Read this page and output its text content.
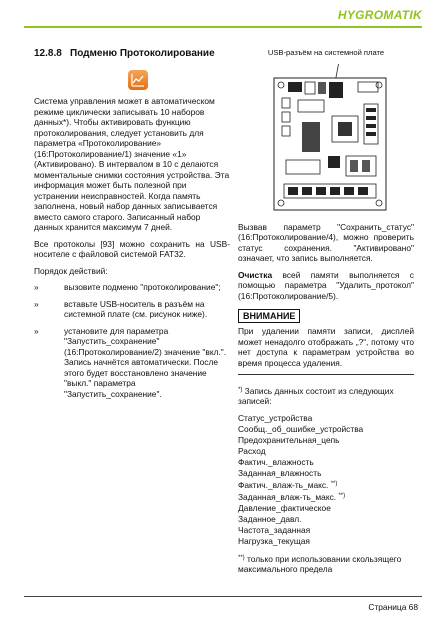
HYGROMATIK
12.8.8 Подменю Протоколирование

Система управления может в автоматическом режиме циклически записывать 10 наборов данных*). Чтобы активировать функцию протоколирования, следует установить для параметра «Протоколирование» (16:Протоколирование/1) значение «1» (Активировано). В интервалом в 10 с делаются моментальные снимки состояния устройства. Эта информация может быть полезной при устранении неисправностей. Когда память заполнена, новый набор данных записывается вместо самого старого. Записанный набор данных хранится максимум 7 дней.

Все протоколы [93] можно сохранить на USB-носителе с файловой системой FAT32.

Порядок действий:

»	вызовите подменю "протоколирование";
»	вставьте USB-носитель в разъём на системной плате (см. рисунок ниже).
»	установите для параметра "Запустить_сохранение" (16:Протоколирование/2) значение "вкл.". Запись начнётся автоматически. После этого будет восстановлено значение "выкл." параметра "Запустить_сохранение".
USB-разъём на системной плате

Вызвав параметр "Сохранить_статус" (16:Протоколирование/4), можно проверить статус сохранения. "Активировано" означает, что запись выполняется.

Очистка всей памяти выполняется с помощью параметра "Удалить_протокол" (16:Протоколирование/5).

ВНИМАНИЕ

При удалении памяти записи, дисплей может ненадолго отображать „?“, потому что нет доступа к параметрам устройства во время процесса удаления.

*) Запись данных состоит из следующих записей:

Статус_устройства
Сообщ._об_ошибке_устройства
Предохранительная_цепь
Расход
Фактич._влажность
Заданная_влажность
Фактич._влаж-ть_макс. **)
Заданная_влаж-ть_макс. **)
Давление_фактическое
Заданное_давл.
Частота_заданная
Нагрузка_текущая

**) только при использовании скользящего максимального предела

Страница 68
